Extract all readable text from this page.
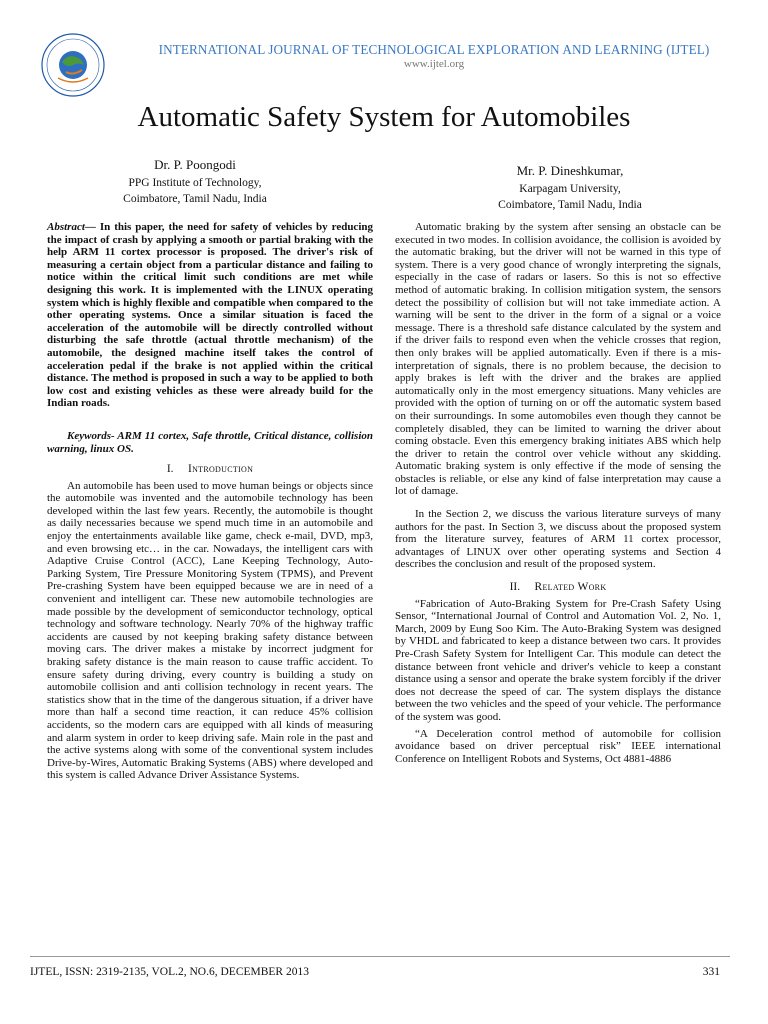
INTERNATIONAL JOURNAL OF TECHNOLOGICAL EXPLORATION AND LEARNING (IJTEL)
www.ijtel.org
Automatic Safety System for Automobiles
Dr. P. Poongodi
PPG Institute of Technology,
Coimbatore, Tamil Nadu, India
Mr. P. Dineshkumar,
Karpagam University,
Coimbatore, Tamil Nadu, India

Abstract— In this paper, the need for safety of vehicles by reducing the impact of crash by applying a smooth or partial braking with the help ARM 11 cortex processor is proposed. The driver's risk of measuring a certain object from a particular distance and failing to notice within the critical limit such conditions are met while designing this work. It is implemented with the LINUX operating system which is highly flexible and compatible when compared to the other operating systems. Once a similar situation is faced the acceleration of the automobile will be directly controlled without disturbing the safe throttle (actual throttle mechanism) of the automobile, the designed machine itself takes the control of acceleration pedal if the brake is not applied within the critical distance. The method is proposed in such a way to be applied to both low cost and existing vehicles as these were already build for the Indian roads.

Keywords- ARM 11 cortex, Safe throttle, Critical distance, collision warning, linux OS.

I. Introduction

An automobile has been used to move human beings or objects since the automobile was invented and the automobile technology has been developed within the last few years. Recently, the automobile is thought as daily necessaries because we spend much time in an automobile and enjoy the entertainments available like game, check e-mail, DVD, mp3, and even browsing etc… in the car. Nowadays, the intelligent cars with Adaptive Cruise Control (ACC), Lane Keeping Technology, Auto-Parking System, Tire Pressure Monitoring System (TPMS), and Prevent Pre-crashing System have been equipped because we are in need of a convenient and intelligent car. These new automobile technologies are made possible by the development of semiconductor technology, optical technology and software technology. Nearly 70% of the highway traffic accidents are caused by not keeping braking safety distance between moving cars. The driver makes a mistake by incorrect judgment for braking safety distance is the main reason to cause traffic accident. To ensure safety during driving, every country is building a study on automobile collision and anti collision technology in recent years. The statistics show that in the time of the dangerous situation, if a driver have more than half a second time reaction, it can reduce 45% collision accidents, so the modern cars are equipped with all kinds of measuring and alarm system in order to keep driving safe. Main role in the past and the active systems along with some of the conventional system includes Drive-by-Wires, Automatic Braking Systems (ABS) where developed and this system is called Advance Driver Assistance Systems.

Automatic braking by the system after sensing an obstacle can be executed in two modes. In collision avoidance, the collision is avoided by the automatic braking, but the driver will not be warned in this type of system. There is a very good chance of wrongly interpreting the signals, especially in the case of radars or lasers. So this is not so effective method of automatic braking. In collision mitigation system, the sensors detect the possibility of collision but will not take immediate action. A warning will be sent to the driver in the form of a signal or a voice message. There is a threshold safe distance calculated by the system and if the driver fails to respond even when the vehicle crosses that region, then only brakes will be applied automatically. Even if there is a mis-interpretation of signals, there is no problem because, the decision to apply brakes is left with the driver and the brakes are applied automatically only in the most emergency situations. Many vehicles are provided with the option of turning on or off the automatic system based on their surroundings. In some automobiles even though they cannot be completely disabled, they can be limited to warning the driver about coming obstacle. Even this emergency braking initiates ABS which help the driver to retain the control over vehicle without any skidding. Automatic braking system is only effective if the mode of sensing the obstacles is reliable, or else any kind of false interpretation may cause a lot of damage.

In the Section 2, we discuss the various literature surveys of many authors for the past. In Section 3, we discuss about the proposed system from the literature survey, features of ARM 11 cortex processor, advantages of LINUX over other operating systems and Section 4 describes the conclusion and result of the proposed system.

II. Related Work

“Fabrication of Auto-Braking System for Pre-Crash Safety Using Sensor, “International Journal of Control and Automation Vol. 2, No. 1, March, 2009 by Eung Soo Kim. The Auto-Braking System was designed by VHDL and fabricated to keep a distance between two cars. It provides Pre-Crash Safety System for Intelligent Car. This module can detect the distance between front vehicle and driver's vehicle to keep a constant distance using a sensor and operate the brake system forcibly if the driver does not decrease the speed of car. The system displays the distance between the two vehicles and the speed of your vehicle. The performance of the system was good.

“A Deceleration control method of automobile for collision avoidance based on driver perceptual risk” IEEE international Conference on Intelligent Robots and Systems, Oct 4881-4886

IJTEL, ISSN: 2319-2135, VOL.2, NO.6, DECEMBER 2013	331
